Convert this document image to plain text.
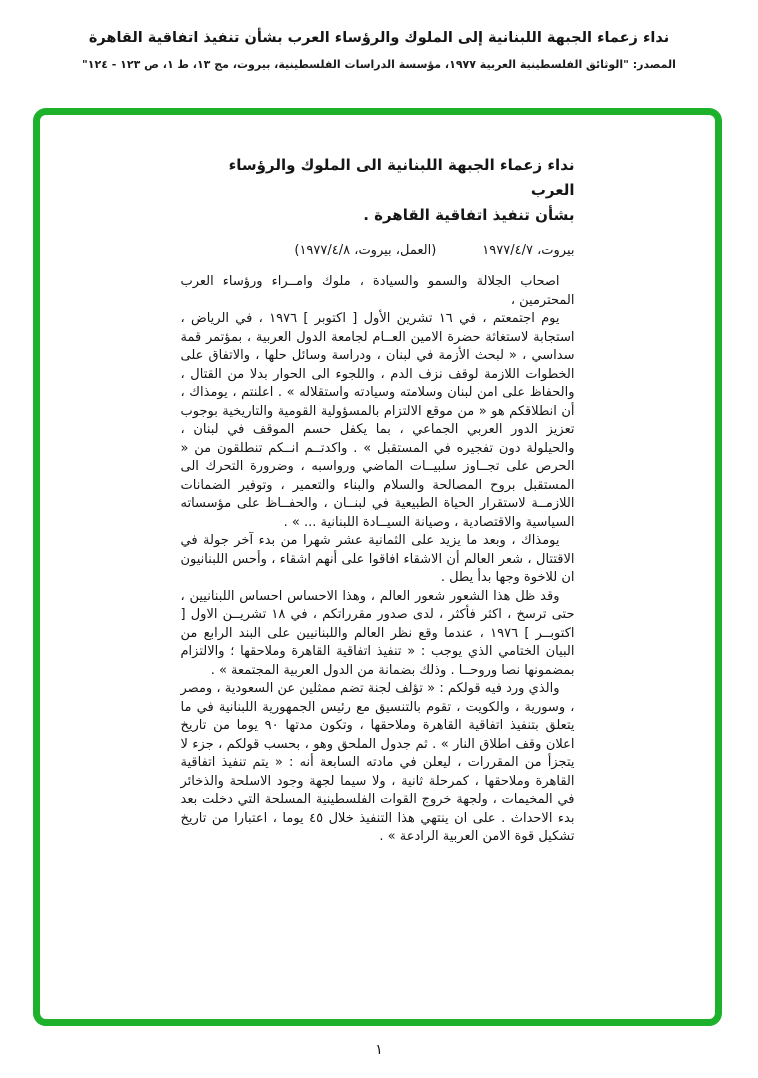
نداء زعماء الجبهة اللبنانية إلى الملوك والرؤساء العرب بشأن تنفيذ اتفاقية القاهرة
المصدر: "الوثائق الفلسطينية العربية ١٩٧٧، مؤسسة الدراسات الفلسطينية، بيروت، مج ١٣، ط ١، ص ١٢٣ - ١٢٤"
نداء زعماء الجبهة اللبنانية الى الملوك والرؤساء العرب
بشأن تنفيذ اتفاقية القاهرة .
بيروت، ١٩٧٧/٤/٧
(العمل، بيروت، ١٩٧٧/٤/٨)

اصحاب الجلالة والسمو والسيادة ، ملوك وامــراء ورؤساء العرب المحترمين ،

يوم اجتمعتم ، في ١٦ تشرين الأول [ اكتوبر ] ١٩٧٦ ، في الرياض ، استجابة لاستغاثة حضرة الامين العــام لجامعة الدول العربية ، بمؤتمر قمة سداسي ، « لبحث الأزمة في لبنان ، ودراسة وسائل حلها ، والاتفاق على الخطوات اللازمة لوقف نزف الدم ، واللجوء الى الحوار بدلا من القتال ، والحفاظ على امن لبنان وسلامته وسيادته واستقلاله » . اعلنتم ، يومذاك ، أن انطلاقكم هو « من موقع الالتزام بالمسؤولية القومية والتاريخية بوجوب تعزيز الدور العربي الجماعي ، بما يكفل حسم الموقف في لبنان ، والحيلولة دون تفجيره في المستقبل » . واكدتــم انــكم تنطلقون من « الحرص على تجــاوز سلبيــات الماضي ورواسبه ، وضرورة التحرك الى المستقبل بروح المصالحة والسلام والبناء والتعمير ، وتوفير الضمانات اللازمــة لاستقرار الحياة الطبيعية في لبنــان ، والحفــاظ على مؤسساته السياسية والاقتصادية ، وصيانة السيــادة اللبنانية ... » .

يومذاك ، وبعد ما يزيد على الثمانية عشر شهرا من بدء آخر جولة في الاقتتال ، شعر العالم أن الاشقاء افاقوا على أنهم اشقاء ، وأحس اللبنانيون ان للاخوة وجها بدأ يطل .

وقد ظل هذا الشعور شعور العالم ، وهذا الاحساس احساس اللبنانيين ، حتى ترسخ ، اكثر فأكثر ، لدى صدور مقرراتكم ، في ١٨ تشريــن الاول [ اكتوبــر ] ١٩٧٦ ، عندما وقع نظر العالم واللبنانيين على البند الرابع من البيان الختامي الذي يوجب : « تنفيذ اتفاقية القاهرة وملاحقها ؛ والالتزام بمضمونها نصا وروحــا . وذلك بضمانة من الدول العربية المجتمعة » .

والذي ورد فيه قولكم : « تؤلف لجنة تضم ممثلين عن السعودية ، ومصر ، وسورية ، والكويت ، تقوم بالتنسيق مع رئيس الجمهورية اللبنانية في ما يتعلق بتنفيذ اتفاقية القاهرة وملاحقها ، وتكون مدتها ٩٠ يوما من تاريخ اعلان وقف اطلاق النار » . ثم جدول الملحق وهو ، بحسب قولكم ، جزء لا يتجزأ من المقررات ، ليعلن في مادته السابعة أنه : « يتم تنفيذ اتفاقية القاهرة وملاحقها ، كمرحلة ثانية ، ولا سيما لجهة وجود الاسلحة والذخائر في المخيمات ، ولجهة خروج القوات الفلسطينية المسلحة التي دخلت بعد بدء الاحداث . على ان ينتهي هذا التنفيذ خلال ٤٥ يوما ، اعتبارا من تاريخ تشكيل قوة الامن العربية الرادعة » .

١
